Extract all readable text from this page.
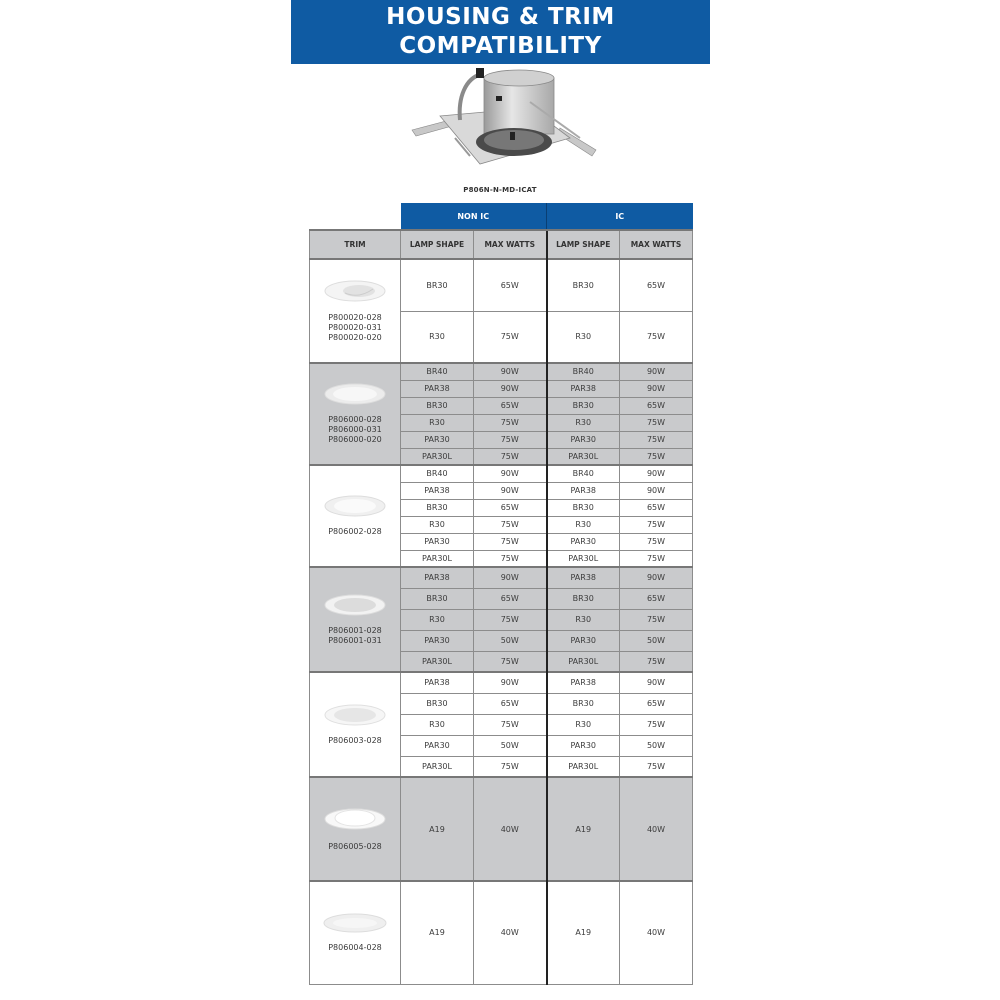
HOUSING & TRIM
COMPATIBILITY
P806N-N-MD-ICAT
	NON IC		IC	
TRIM	LAMP SHAPE	MAX WATTS	LAMP SHAPE	MAX WATTS

P800020-028
P800020-031
P800020-020	BR30	65W	BR30	65W
	R30	75W	R30	75W

P806000-028
P806000-031
P806000-020	BR40	90W	BR40	90W
	PAR38	90W	PAR38	90W
	BR30	65W	BR30	65W
	R30	75W	R30	75W
	PAR30	75W	PAR30	75W
	PAR30L	75W	PAR30L	75W

P806002-028	BR40	90W	BR40	90W
	PAR38	90W	PAR38	90W
	BR30	65W	BR30	65W
	R30	75W	R30	75W
	PAR30	75W	PAR30	75W
	PAR30L	75W	PAR30L	75W

P806001-028
P806001-031	PAR38	90W	PAR38	90W
	BR30	65W	BR30	65W
	R30	75W	R30	75W
	PAR30	50W	PAR30	50W
	PAR30L	75W	PAR30L	75W

P806003-028	PAR38	90W	PAR38	90W
	BR30	65W	BR30	65W
	R30	75W	R30	75W
	PAR30	50W	PAR30	50W
	PAR30L	75W	PAR30L	75W

P806005-028	A19	40W	A19	40W

P806004-028	A19	40W	A19	40W
